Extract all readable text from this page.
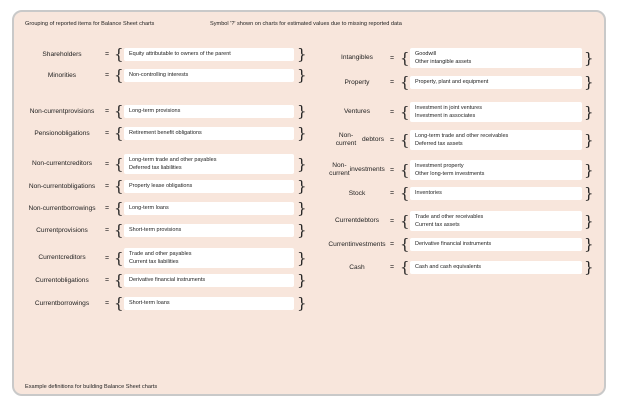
Grouping of reported items for Balance Sheet charts	Symbol '?' shown on charts for estimated values due to missing reported data
Shareholders	= { Equity attributable to owners of the parent	}
Minorities	= { Non-controlling interests	}
Non-current provisions = { Long-term provisions	}
Pension obligations = { Retirement benefit obligations	}
Non-current creditors = { Long-term trade and other payables
Deferred tax liabilities	}
Non-current obligations = { Property lease obligations	}
Non-current borrowings = { Long-term loans	}
Current provisions = { Short-term provisions	}
Current creditors	= { Trade and other payables
Current tax liabilities	}
Current obligations = { Derivative financial instruments	}
Current borrowings = { Short-term loans	}
Intangibles = { Goodwill
Other intangible assets	}
Property	= { Property, plant and equipment	}
Ventures	= { Investment in joint ventures
Investment in associates	}
Non-current
debtors = { Long-term trade and other receivables
Deferred tax assets	}
Non-current
investments = { Investment property
Other long-term investments	}
Stock	= { Inventories	}
Current debtors = { Trade and other receivables
Current tax assets	}
Current investments = { Derivative financial instruments	}
Cash	= { Cash and cash equivalents	}
Example definitions for building Balance Sheet charts
